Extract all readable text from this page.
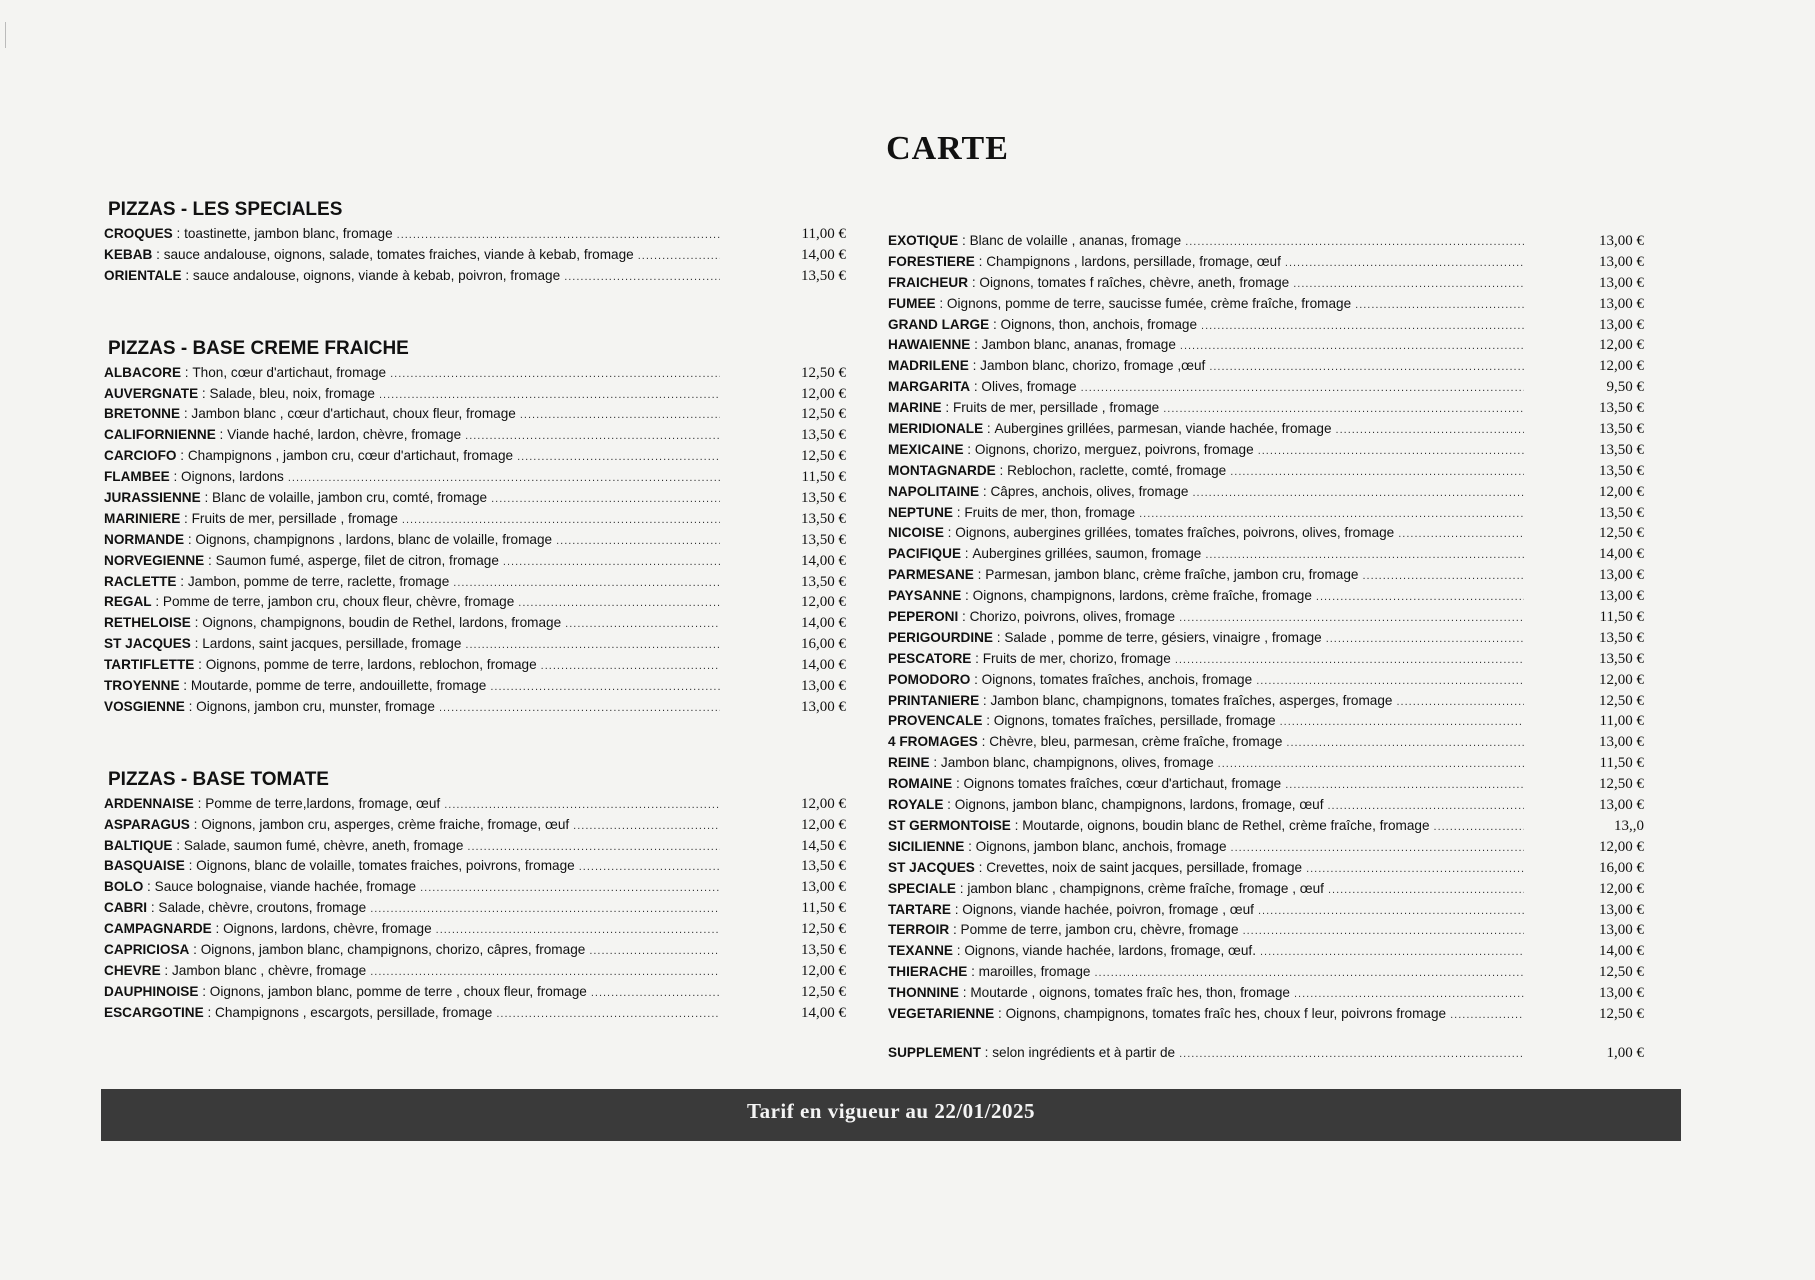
CARTE
PIZZAS - LES SPECIALES
CROQUES : toastinette, jambon blanc, fromage .....	11,00 €
KEBAB : sauce andalouse, oignons, salade, tomates fraiches, viande à kebab, fromage .....	14,00 €
ORIENTALE : sauce andalouse, oignons, viande à kebab, poivron, fromage .....	13,50 €
PIZZAS - BASE CREME FRAICHE
ALBACORE : Thon, cœur d'artichaut, fromage .....	12,50 €
AUVERGNATE : Salade, bleu, noix, fromage .....	12,00 €
BRETONNE : Jambon blanc , cœur d'artichaut, choux fleur, fromage .....	12,50 €
CALIFORNIENNE : Viande haché, lardon, chèvre, fromage .....	13,50 €
CARCIOFO : Champignons , jambon cru, cœur d'artichaut, fromage .....	12,50 €
FLAMBEE : Oignons, lardons .....	11,50 €
JURASSIENNE : Blanc de volaille, jambon cru, comté, fromage .....	13,50 €
MARINIERE : Fruits de mer, persillade , fromage .....	13,50 €
NORMANDE : Oignons, champignons , lardons, blanc de volaille, fromage .....	13,50 €
NORVEGIENNE : Saumon fumé, asperge, filet de citron, fromage .....	14,00 €
RACLETTE : Jambon, pomme de terre, raclette, fromage .....	13,50 €
REGAL : Pomme de terre, jambon cru, choux fleur, chèvre, fromage .....	12,00 €
RETHELOISE : Oignons, champignons, boudin de Rethel, lardons, fromage .....	14,00 €
ST JACQUES : Lardons, saint jacques, persillade, fromage .....	16,00 €
TARTIFLETTE : Oignons, pomme de terre, lardons, reblochon, fromage .....	14,00 €
TROYENNE : Moutarde, pomme de terre, andouillette, fromage .....	13,00 €
VOSGIENNE : Oignons, jambon cru, munster, fromage .....	13,00 €
PIZZAS - BASE TOMATE
ARDENNAISE : Pomme de terre,lardons, fromage, œuf .....	12,00 €
ASPARAGUS : Oignons, jambon cru, asperges, crème fraiche, fromage, œuf .....	12,00 €
BALTIQUE : Salade, saumon fumé, chèvre, aneth, fromage .....	14,50 €
BASQUAISE : Oignons, blanc de volaille, tomates fraiches, poivrons, fromage .....	13,50 €
BOLO : Sauce bolognaise, viande hachée, fromage .....	13,00 €
CABRI : Salade, chèvre, croutons, fromage .....	11,50 €
CAMPAGNARDE : Oignons, lardons, chèvre, fromage .....	12,50 €
CAPRICIOSA : Oignons, jambon blanc, champignons, chorizo, câpres, fromage .....	13,50 €
CHEVRE : Jambon blanc , chèvre, fromage .....	12,00 €
DAUPHINOISE : Oignons, jambon blanc, pomme de terre , choux fleur, fromage .....	12,50 €
ESCARGOTINE : Champignons , escargots, persillade, fromage .....	14,00 €
EXOTIQUE : Blanc de volaille , ananas, fromage .....	13,00 €
FORESTIERE : Champignons , lardons, persillade, fromage, œuf .....	13,00 €
FRAICHEUR : Oignons, tomates f raîches, chèvre, aneth, fromage .....	13,00 €
FUMEE : Oignons, pomme de terre, saucisse fumée, crème fraîche, fromage .....	13,00 €
GRAND LARGE : Oignons, thon, anchois, fromage .....	13,00 €
HAWAIENNE : Jambon blanc, ananas, fromage .....	12,00 €
MADRILENE : Jambon blanc, chorizo, fromage ,œuf .....	12,00 €
MARGARITA : Olives, fromage .....	9,50 €
MARINE : Fruits de mer, persillade , fromage .....	13,50 €
MERIDIONALE : Aubergines grillées, parmesan, viande hachée, fromage .....	13,50 €
MEXICAINE : Oignons, chorizo, merguez, poivrons, fromage .....	13,50 €
MONTAGNARDE : Reblochon, raclette, comté, fromage .....	13,50 €
NAPOLITAINE : Câpres, anchois, olives, fromage .....	12,00 €
NEPTUNE : Fruits de mer, thon, fromage .....	13,50 €
NICOISE : Oignons, aubergines grillées, tomates fraîches, poivrons, olives, fromage .....	12,50 €
PACIFIQUE : Aubergines grillées, saumon, fromage .....	14,00 €
PARMESANE : Parmesan, jambon blanc, crème fraîche, jambon cru, fromage .....	13,00 €
PAYSANNE : Oignons, champignons, lardons, crème fraîche, fromage .....	13,00 €
PEPERONI : Chorizo, poivrons, olives, fromage .....	11,50 €
PERIGOURDINE : Salade , pomme de terre, gésiers, vinaigre , fromage .....	13,50 €
PESCATORE : Fruits de mer, chorizo, fromage .....	13,50 €
POMODORO : Oignons, tomates fraîches, anchois, fromage .....	12,00 €
PRINTANIERE : Jambon blanc, champignons, tomates fraîches, asperges, fromage .....	12,50 €
PROVENCALE : Oignons, tomates fraîches, persillade, fromage .....	11,00 €
4 FROMAGES : Chèvre, bleu, parmesan, crème fraîche, fromage .....	13,00 €
REINE : Jambon blanc, champignons, olives, fromage .....	11,50 €
ROMAINE : Oignons tomates fraîches, cœur d'artichaut, fromage .....	12,50 €
ROYALE : Oignons, jambon blanc, champignons, lardons, fromage, œuf .....	13,00 €
ST GERMONTOISE : Moutarde, oignons, boudin blanc de Rethel, crème fraîche, fromage .....	13,,0
SICILIENNE : Oignons, jambon blanc, anchois, fromage .....	12,00 €
ST JACQUES : Crevettes, noix de saint jacques, persillade, fromage .....	16,00 €
SPECIALE : jambon blanc , champignons, crème fraîche, fromage , œuf .....	12,00 €
TARTARE : Oignons, viande hachée, poivron, fromage , œuf .....	13,00 €
TERROIR : Pomme de terre, jambon cru, chèvre, fromage .....	13,00 €
TEXANNE : Oignons, viande hachée, lardons, fromage, œuf. .....	14,00 €
THIERACHE : maroilles, fromage .....	12,50 €
THONNINE : Moutarde , oignons, tomates fraîc hes, thon, fromage .....	13,00 €
VEGETARIENNE : Oignons, champignons, tomates fraîc hes, choux f leur, poivrons fromage .....	12,50 €
SUPPLEMENT : selon ingrédients et à partir de .....	1,00 €
Tarif en vigueur au 22/01/2025
